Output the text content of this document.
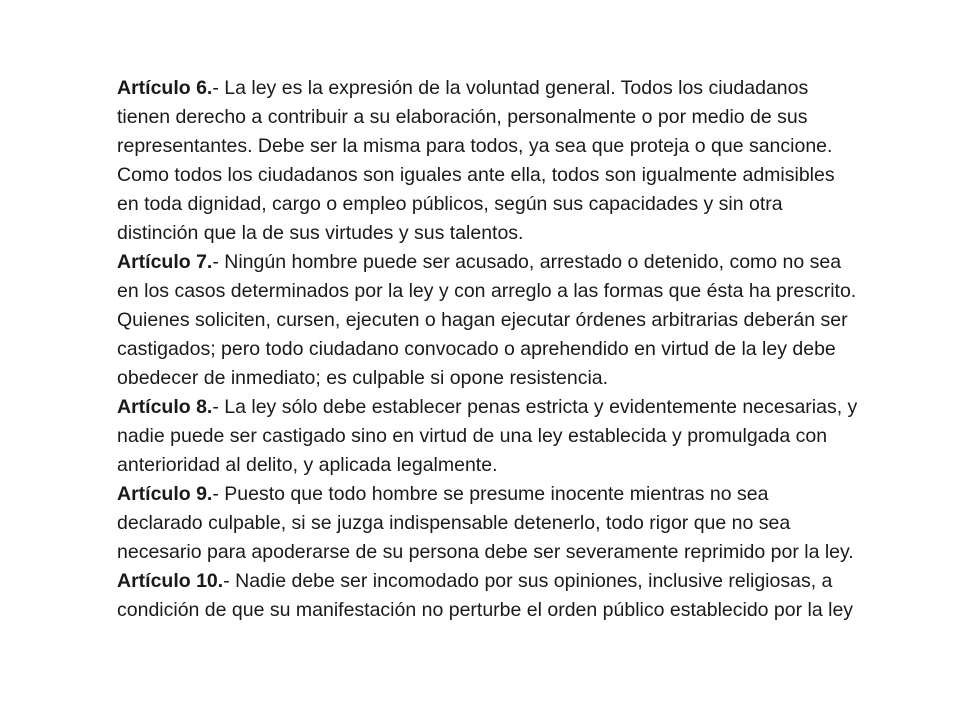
Artículo 6.- La ley es la expresión de la voluntad general. Todos los ciudadanos tienen derecho a contribuir a su elaboración, personalmente o por medio de sus representantes. Debe ser la misma para todos, ya sea que proteja o que sancione. Como todos los ciudadanos son iguales ante ella, todos son igualmente admisibles en toda dignidad, cargo o empleo públicos, según sus capacidades y sin otra distinción que la de sus virtudes y sus talentos.

Artículo 7.- Ningún hombre puede ser acusado, arrestado o detenido, como no sea en los casos determinados por la ley y con arreglo a las formas que ésta ha prescrito. Quienes soliciten, cursen, ejecuten o hagan ejecutar órdenes arbitrarias deberán ser castigados; pero todo ciudadano convocado o aprehendido en virtud de la ley debe obedecer de inmediato; es culpable si opone resistencia.

Artículo 8.- La ley sólo debe establecer penas estricta y evidentemente necesarias, y nadie puede ser castigado sino en virtud de una ley establecida y promulgada con anterioridad al delito, y aplicada legalmente.

Artículo 9.- Puesto que todo hombre se presume inocente mientras no sea declarado culpable, si se juzga indispensable detenerlo, todo rigor que no sea necesario para apoderarse de su persona debe ser severamente reprimido por la ley.

Artículo 10.- Nadie debe ser incomodado por sus opiniones, inclusive religiosas, a condición de que su manifestación no perturbe el orden público establecido por la ley
